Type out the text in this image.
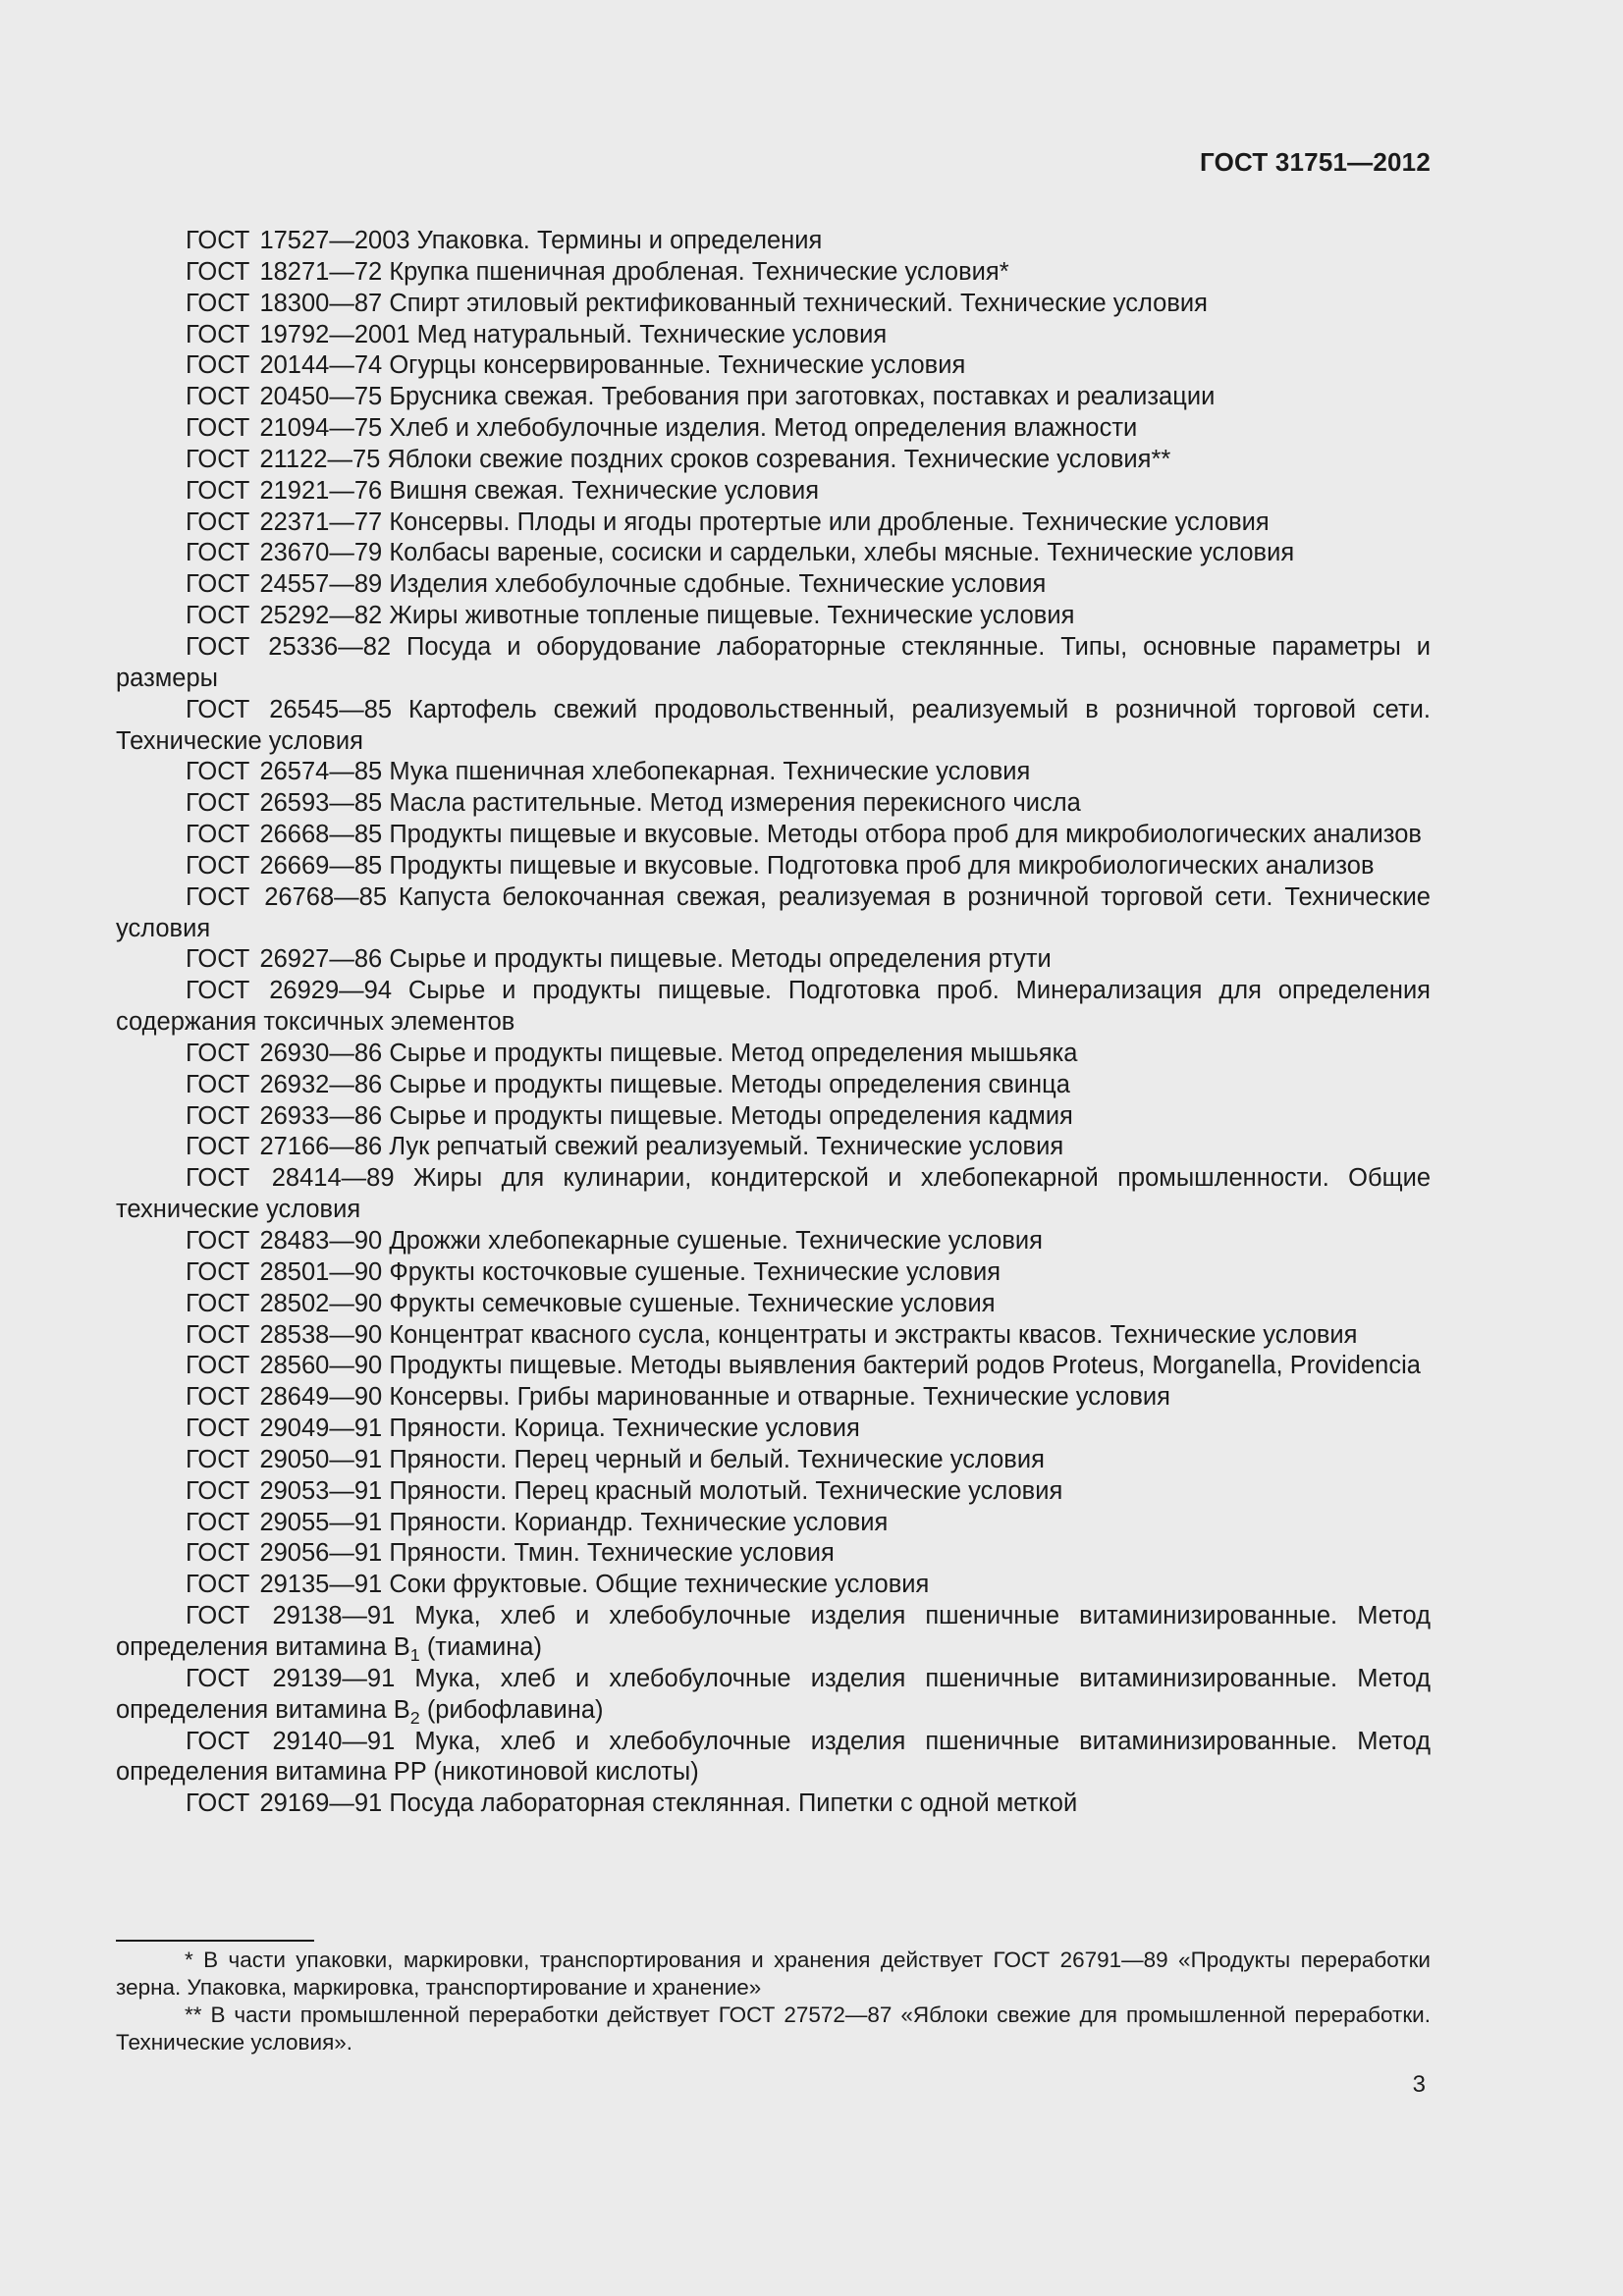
ГОСТ 31751—2012

ГОСТ 17527—2003 Упаковка. Термины и определения

ГОСТ 18271—72 Крупка пшеничная дробленая. Технические условия*

ГОСТ 18300—87 Спирт этиловый ректификованный технический. Технические условия

ГОСТ 19792—2001 Мед натуральный. Технические условия

ГОСТ 20144—74 Огурцы консервированные. Технические условия

ГОСТ 20450—75 Брусника свежая. Требования при заготовках, поставках и реализации

ГОСТ 21094—75 Хлеб и хлебобулочные изделия. Метод определения влажности

ГОСТ 21122—75 Яблоки свежие поздних сроков созревания. Технические условия**

ГОСТ 21921—76 Вишня свежая. Технические условия

ГОСТ 22371—77 Консервы. Плоды и ягоды протертые или дробленые. Технические условия

ГОСТ 23670—79 Колбасы вареные, сосиски и сардельки, хлебы мясные. Технические условия

ГОСТ 24557—89 Изделия хлебобулочные сдобные. Технические условия

ГОСТ 25292—82 Жиры животные топленые пищевые. Технические условия

ГОСТ 25336—82 Посуда и оборудование лабораторные стеклянные. Типы, основные параметры и размеры

ГОСТ 26545—85 Картофель свежий продовольственный, реализуемый в розничной торговой сети. Технические условия

ГОСТ 26574—85 Мука пшеничная хлебопекарная. Технические условия

ГОСТ 26593—85 Масла растительные. Метод измерения перекисного числа

ГОСТ 26668—85 Продукты пищевые и вкусовые. Методы отбора проб для микробиологических анализов

ГОСТ 26669—85 Продукты пищевые и вкусовые. Подготовка проб для микробиологических анализов

ГОСТ 26768—85 Капуста белокочанная свежая, реализуемая в розничной торговой сети. Технические условия

ГОСТ 26927—86 Сырье и продукты пищевые. Методы определения ртути

ГОСТ 26929—94 Сырье и продукты пищевые. Подготовка проб. Минерализация для определения содержания токсичных элементов

ГОСТ 26930—86 Сырье и продукты пищевые. Метод определения мышьяка

ГОСТ 26932—86 Сырье и продукты пищевые. Методы определения свинца

ГОСТ 26933—86 Сырье и продукты пищевые. Методы определения кадмия

ГОСТ 27166—86 Лук репчатый свежий реализуемый. Технические условия

ГОСТ 28414—89 Жиры для кулинарии, кондитерской и хлебопекарной промышленности. Общие технические условия

ГОСТ 28483—90 Дрожжи хлебопекарные сушеные. Технические условия

ГОСТ 28501—90 Фрукты косточковые сушеные. Технические условия

ГОСТ 28502—90 Фрукты семечковые сушеные. Технические условия

ГОСТ 28538—90 Концентрат квасного сусла, концентраты и экстракты квасов. Технические условия

ГОСТ 28560—90 Продукты пищевые. Методы выявления бактерий родов Proteus, Morganella, Providencia

ГОСТ 28649—90 Консервы. Грибы маринованные и отварные. Технические условия

ГОСТ 29049—91 Пряности. Корица. Технические условия

ГОСТ 29050—91 Пряности. Перец черный и белый. Технические условия

ГОСТ 29053—91 Пряности. Перец красный молотый. Технические условия

ГОСТ 29055—91 Пряности. Кориандр. Технические условия

ГОСТ 29056—91 Пряности. Тмин. Технические условия

ГОСТ 29135—91 Соки фруктовые. Общие технические условия

ГОСТ 29138—91 Мука, хлеб и хлебобулочные изделия пшеничные витаминизированные. Метод определения витамина $B_1$ (тиамина)

ГОСТ 29139—91 Мука, хлеб и хлебобулочные изделия пшеничные витаминизированные. Метод определения витамина $B_2$ (рибофлавина)

ГОСТ 29140—91 Мука, хлеб и хлебобулочные изделия пшеничные витаминизированные. Метод определения витамина PP (никотиновой кислоты)

ГОСТ 29169—91 Посуда лабораторная стеклянная. Пипетки с одной меткой

* В части упаковки, маркировки, транспортирования и хранения действует ГОСТ 26791—89 «Продукты переработки зерна. Упаковка, маркировка, транспортирование и хранение»

** В части промышленной переработки действует ГОСТ 27572—87 «Яблоки свежие для промышленной переработки. Технические условия».

3
